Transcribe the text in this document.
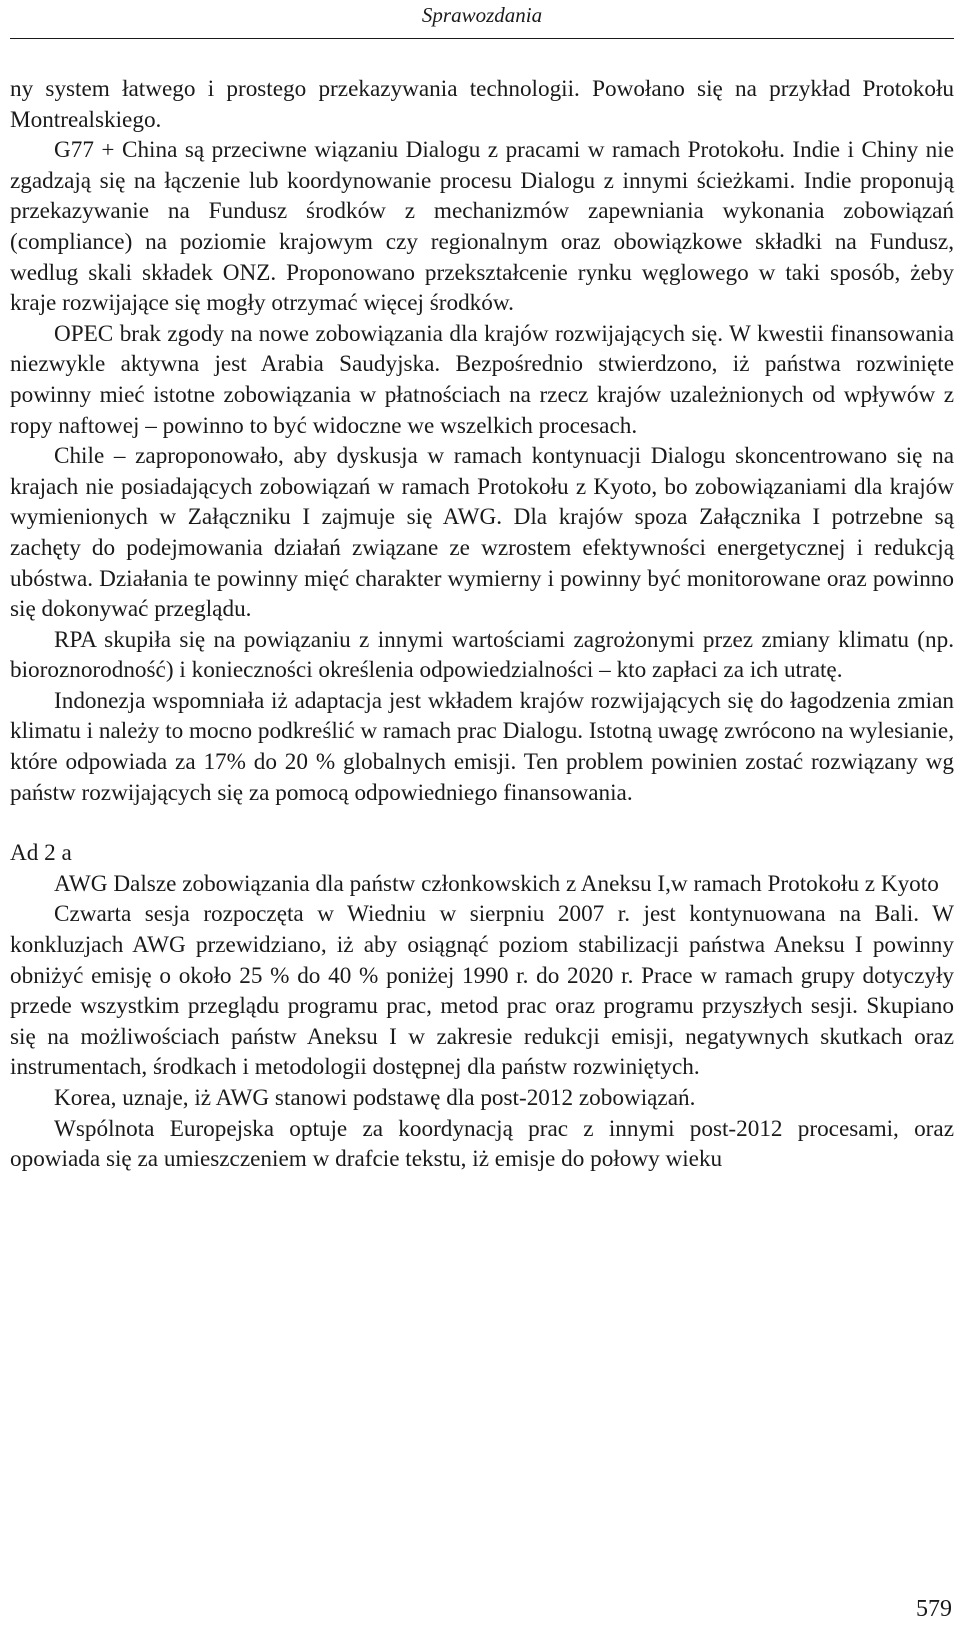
Sprawozdania

ny system łatwego i prostego przekazywania technologii. Powołano się na przykład Protokołu Montrealskiego.

G77 + China są przeciwne wiązaniu Dialogu z pracami w ramach Protokołu. Indie i Chiny nie zgadzają się na łączenie lub koordynowanie procesu Dialogu z innymi ścieżkami. Indie proponują przekazywanie na Fundusz środków z mechanizmów zapewniania wykonania zobowiązań (compliance) na poziomie krajowym czy regionalnym oraz obowiązkowe składki na Fundusz, wedlug skali składek ONZ. Proponowano przekształcenie rynku węglowego w taki sposób, żeby kraje rozwijające się mogły otrzymać więcej środków.

OPEC brak zgody na nowe zobowiązania dla krajów rozwijających się. W kwestii finansowania niezwykle aktywna jest Arabia Saudyjska. Bezpośrednio stwierdzono, iż państwa rozwinięte powinny mieć istotne zobowiązania w płatnościach na rzecz krajów uzależnionych od wpływów z ropy naftowej – powinno to być widoczne we wszelkich procesach.

Chile – zaproponowało, aby dyskusja w ramach kontynuacji Dialogu skoncentrowano się na krajach nie posiadających zobowiązań w ramach Protokołu z Kyoto, bo zobowiązaniami dla krajów wymienionych w Załączniku I zajmuje się AWG. Dla krajów spoza Załącznika I potrzebne są zachęty do podejmowania działań związane ze wzrostem efektywności energetycznej i redukcją ubóstwa. Działania te powinny mięć charakter wymierny i powinny być monitorowane oraz powinno się dokonywać przeglądu.

RPA skupiła się na powiązaniu z innymi wartościami zagrożonymi przez zmiany klimatu (np. bioroznorodność) i konieczności określenia odpowiedzialności – kto zapłaci za ich utratę.

Indonezja wspomniała iż adaptacja jest wkładem krajów rozwijających się do łagodzenia zmian klimatu i należy to mocno podkreślić w ramach prac Dialogu. Istotną uwagę zwrócono na wylesianie, które odpowiada za 17% do 20 % globalnych emisji. Ten problem powinien zostać rozwiązany wg państw rozwijających się za pomocą odpowiedniego finansowania.

Ad 2 a

AWG Dalsze zobowiązania dla państw członkowskich z Aneksu I,w ramach Protokołu z Kyoto

Czwarta sesja rozpoczęta w Wiedniu w sierpniu 2007 r. jest kontynuowana na Bali. W konkluzjach AWG przewidziano, iż aby osiągnąć poziom stabilizacji państwa Aneksu I powinny obniżyć emisję o około 25 % do 40 % poniżej 1990 r. do 2020 r. Prace w ramach grupy dotyczyły przede wszystkim przeglądu programu prac, metod prac oraz programu przyszłych sesji. Skupiano się na możliwościach państw Aneksu I w zakresie redukcji emisji, negatywnych skutkach oraz instrumentach, środkach i metodologii dostępnej dla państw rozwiniętych.

Korea, uznaje, iż AWG stanowi podstawę dla post-2012 zobowiązań.

Wspólnota Europejska optuje za koordynacją prac z innymi post-2012 procesami, oraz opowiada się za umieszczeniem w drafcie tekstu, iż emisje do połowy wieku

579
